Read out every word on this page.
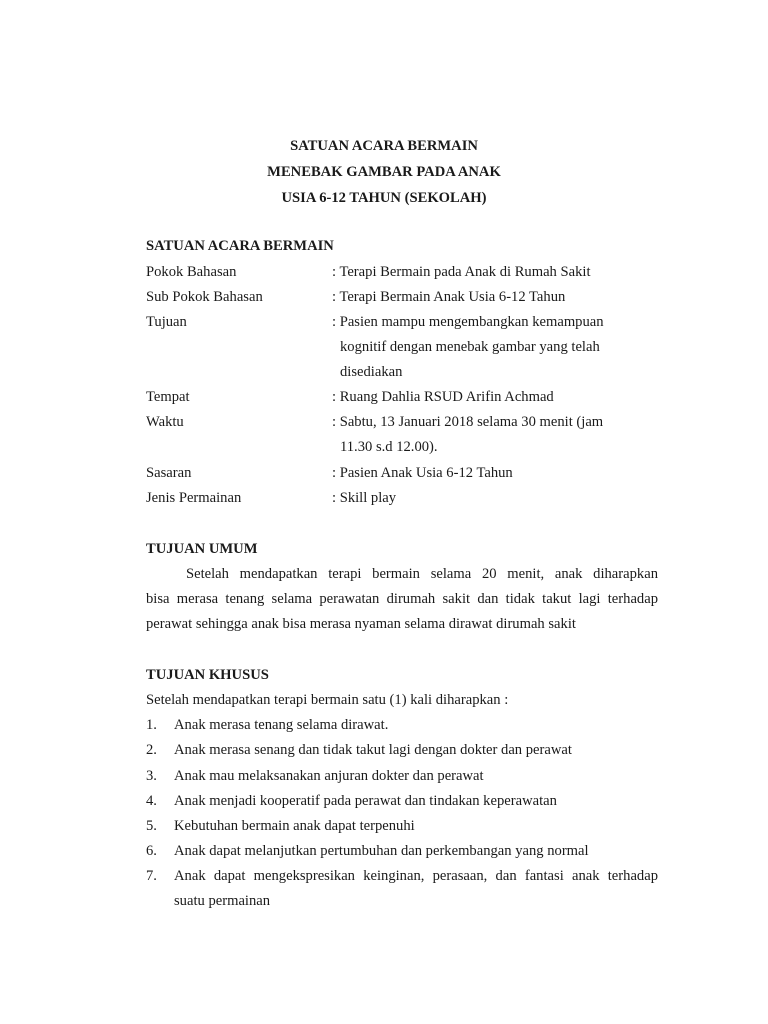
SATUAN ACARA BERMAIN
MENEBAK GAMBAR PADA ANAK
USIA 6-12 TAHUN (SEKOLAH)
SATUAN ACARA BERMAIN
Pokok Bahasan	: Terapi Bermain pada Anak di Rumah Sakit
Sub Pokok Bahasan	: Terapi Bermain Anak Usia 6-12 Tahun
Tujuan	: Pasien mampu mengembangkan kemampuan
kognitif dengan menebak gambar yang telah
disediakan
Tempat	: Ruang Dahlia RSUD Arifin Achmad
Waktu	: Sabtu, 13 Januari 2018 selama 30 menit (jam
11.30 s.d 12.00).
Sasaran	: Pasien Anak Usia 6-12 Tahun
Jenis Permainan	: Skill play
TUJUAN UMUM
Setelah mendapatkan terapi bermain selama 20 menit, anak diharapkan
bisa merasa tenang selama perawatan dirumah sakit dan tidak takut lagi terhadap
perawat sehingga anak bisa merasa nyaman selama dirawat dirumah sakit
TUJUAN KHUSUS
Setelah mendapatkan terapi bermain satu (1) kali diharapkan :
1. Anak merasa tenang selama dirawat.
2. Anak merasa senang dan tidak takut lagi dengan dokter dan perawat
3. Anak mau melaksanakan anjuran dokter dan perawat
4. Anak menjadi kooperatif pada perawat dan tindakan keperawatan
5. Kebutuhan bermain anak dapat terpenuhi
6. Anak dapat melanjutkan pertumbuhan dan perkembangan yang normal
7. Anak dapat mengekspresikan keinginan, perasaan, dan fantasi anak terhadap
suatu permainan
